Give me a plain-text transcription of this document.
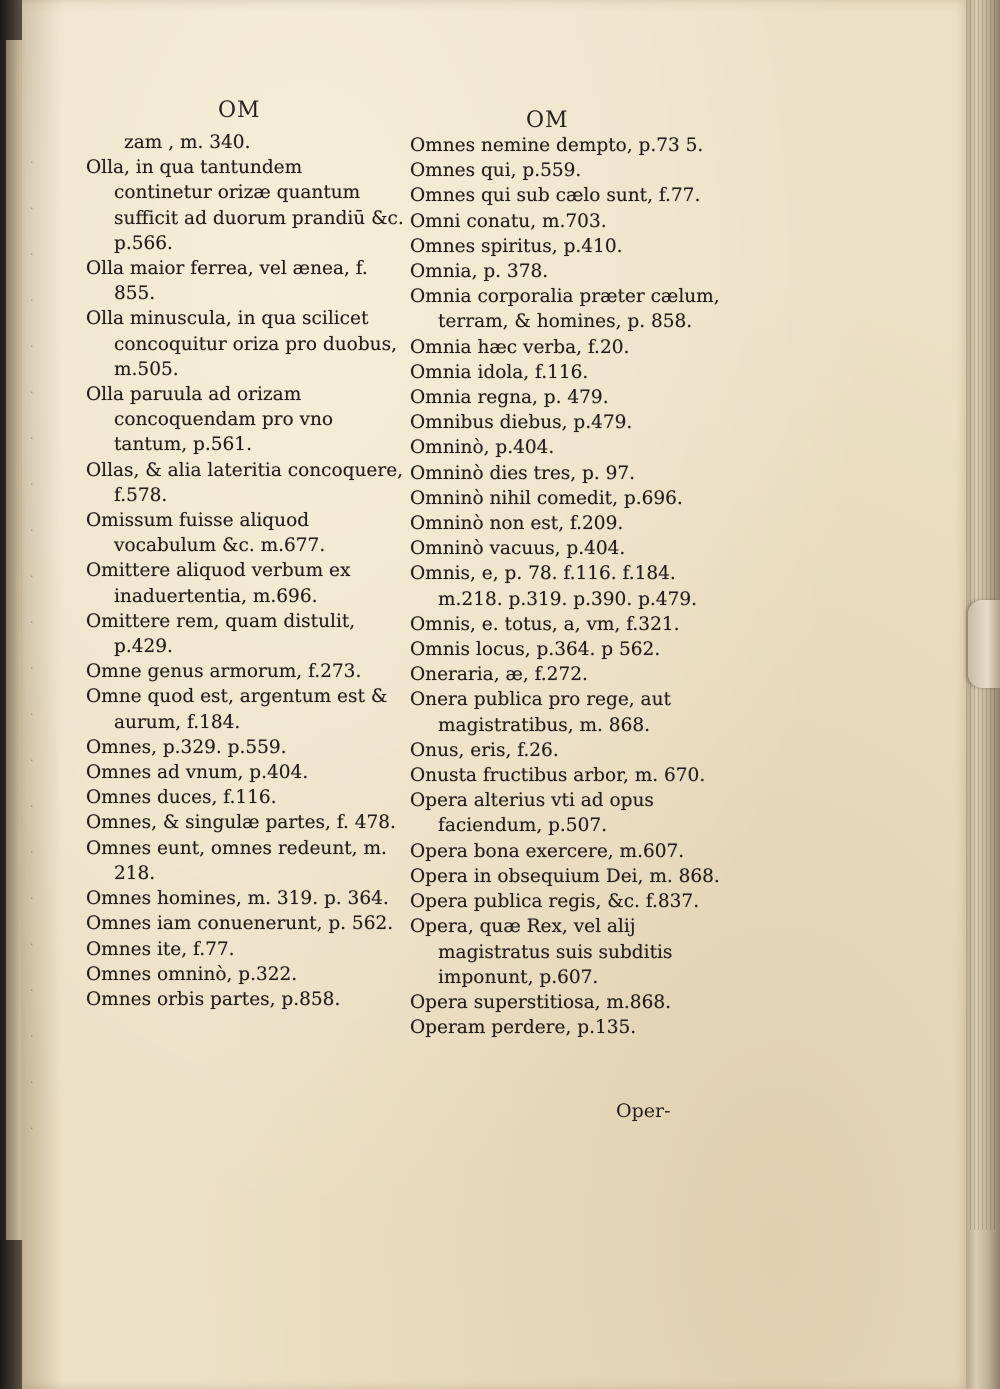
·
·
·
·
·
·
·
·
·
·
·
·
·
·
·
·
·
·
·
·
·
·
OM	OM
zam , m. 340.
Olla, in qua tantundem continetur orizæ quantum sufficit ad duorum prandiū &c. p.566.
Olla maior ferrea, vel ænea, f. 855.
Olla minuscula, in qua scilicet concoquitur oriza pro duobus, m.505.
Olla paruula ad orizam concoquendam pro vno tantum, p.561.
Ollas, & alia lateritia concoquere, f.578.
Omissum fuisse aliquod vocabulum &c. m.677.
Omittere aliquod verbum ex inaduertentia, m.696.
Omittere rem, quam distulit, p.429.
Omne genus armorum, f.273.
Omne quod est, argentum est & aurum, f.184.
Omnes, p.329. p.559.
Omnes ad vnum, p.404.
Omnes duces, f.116.
Omnes, & singulæ partes, f. 478.
Omnes eunt, omnes redeunt, m. 218.
Omnes homines, m. 319. p. 364.
Omnes iam conuenerunt, p. 562.
Omnes ite, f.77.
Omnes omninò, p.322.
Omnes orbis partes, p.858.
Omnes nemine dempto, p.73 5.
Omnes qui, p.559.
Omnes qui sub cælo sunt, f.77.
Omni conatu, m.703.
Omnes spiritus, p.410.
Omnia, p. 378.
Omnia corporalia præter cælum, terram, & homines, p. 858.
Omnia hæc verba, f.20.
Omnia idola, f.116.
Omnia regna, p. 479.
Omnibus diebus, p.479.
Omninò, p.404.
Omninò dies tres, p. 97.
Omninò nihil comedit, p.696.
Omninò non est, f.209.
Omninò vacuus, p.404.
Omnis, e, p. 78. f.116. f.184. m.218. p.319. p.390. p.479.
Omnis, e. totus, a, vm, f.321.
Omnis locus, p.364. p 562.
Oneraria, æ, f.272.
Onera publica pro rege, aut magistratibus, m. 868.
Onus, eris, f.26.
Onusta fructibus arbor, m. 670.
Opera alterius vti ad opus faciendum, p.507.
Opera bona exercere, m.607.
Opera in obsequium Dei, m. 868.
Opera publica regis, &c. f.837.
Opera, quæ Rex, vel alij magistratus suis subditis imponunt, p.607.
Opera superstitiosa, m.868.
Operam perdere, p.135.
Oper-
